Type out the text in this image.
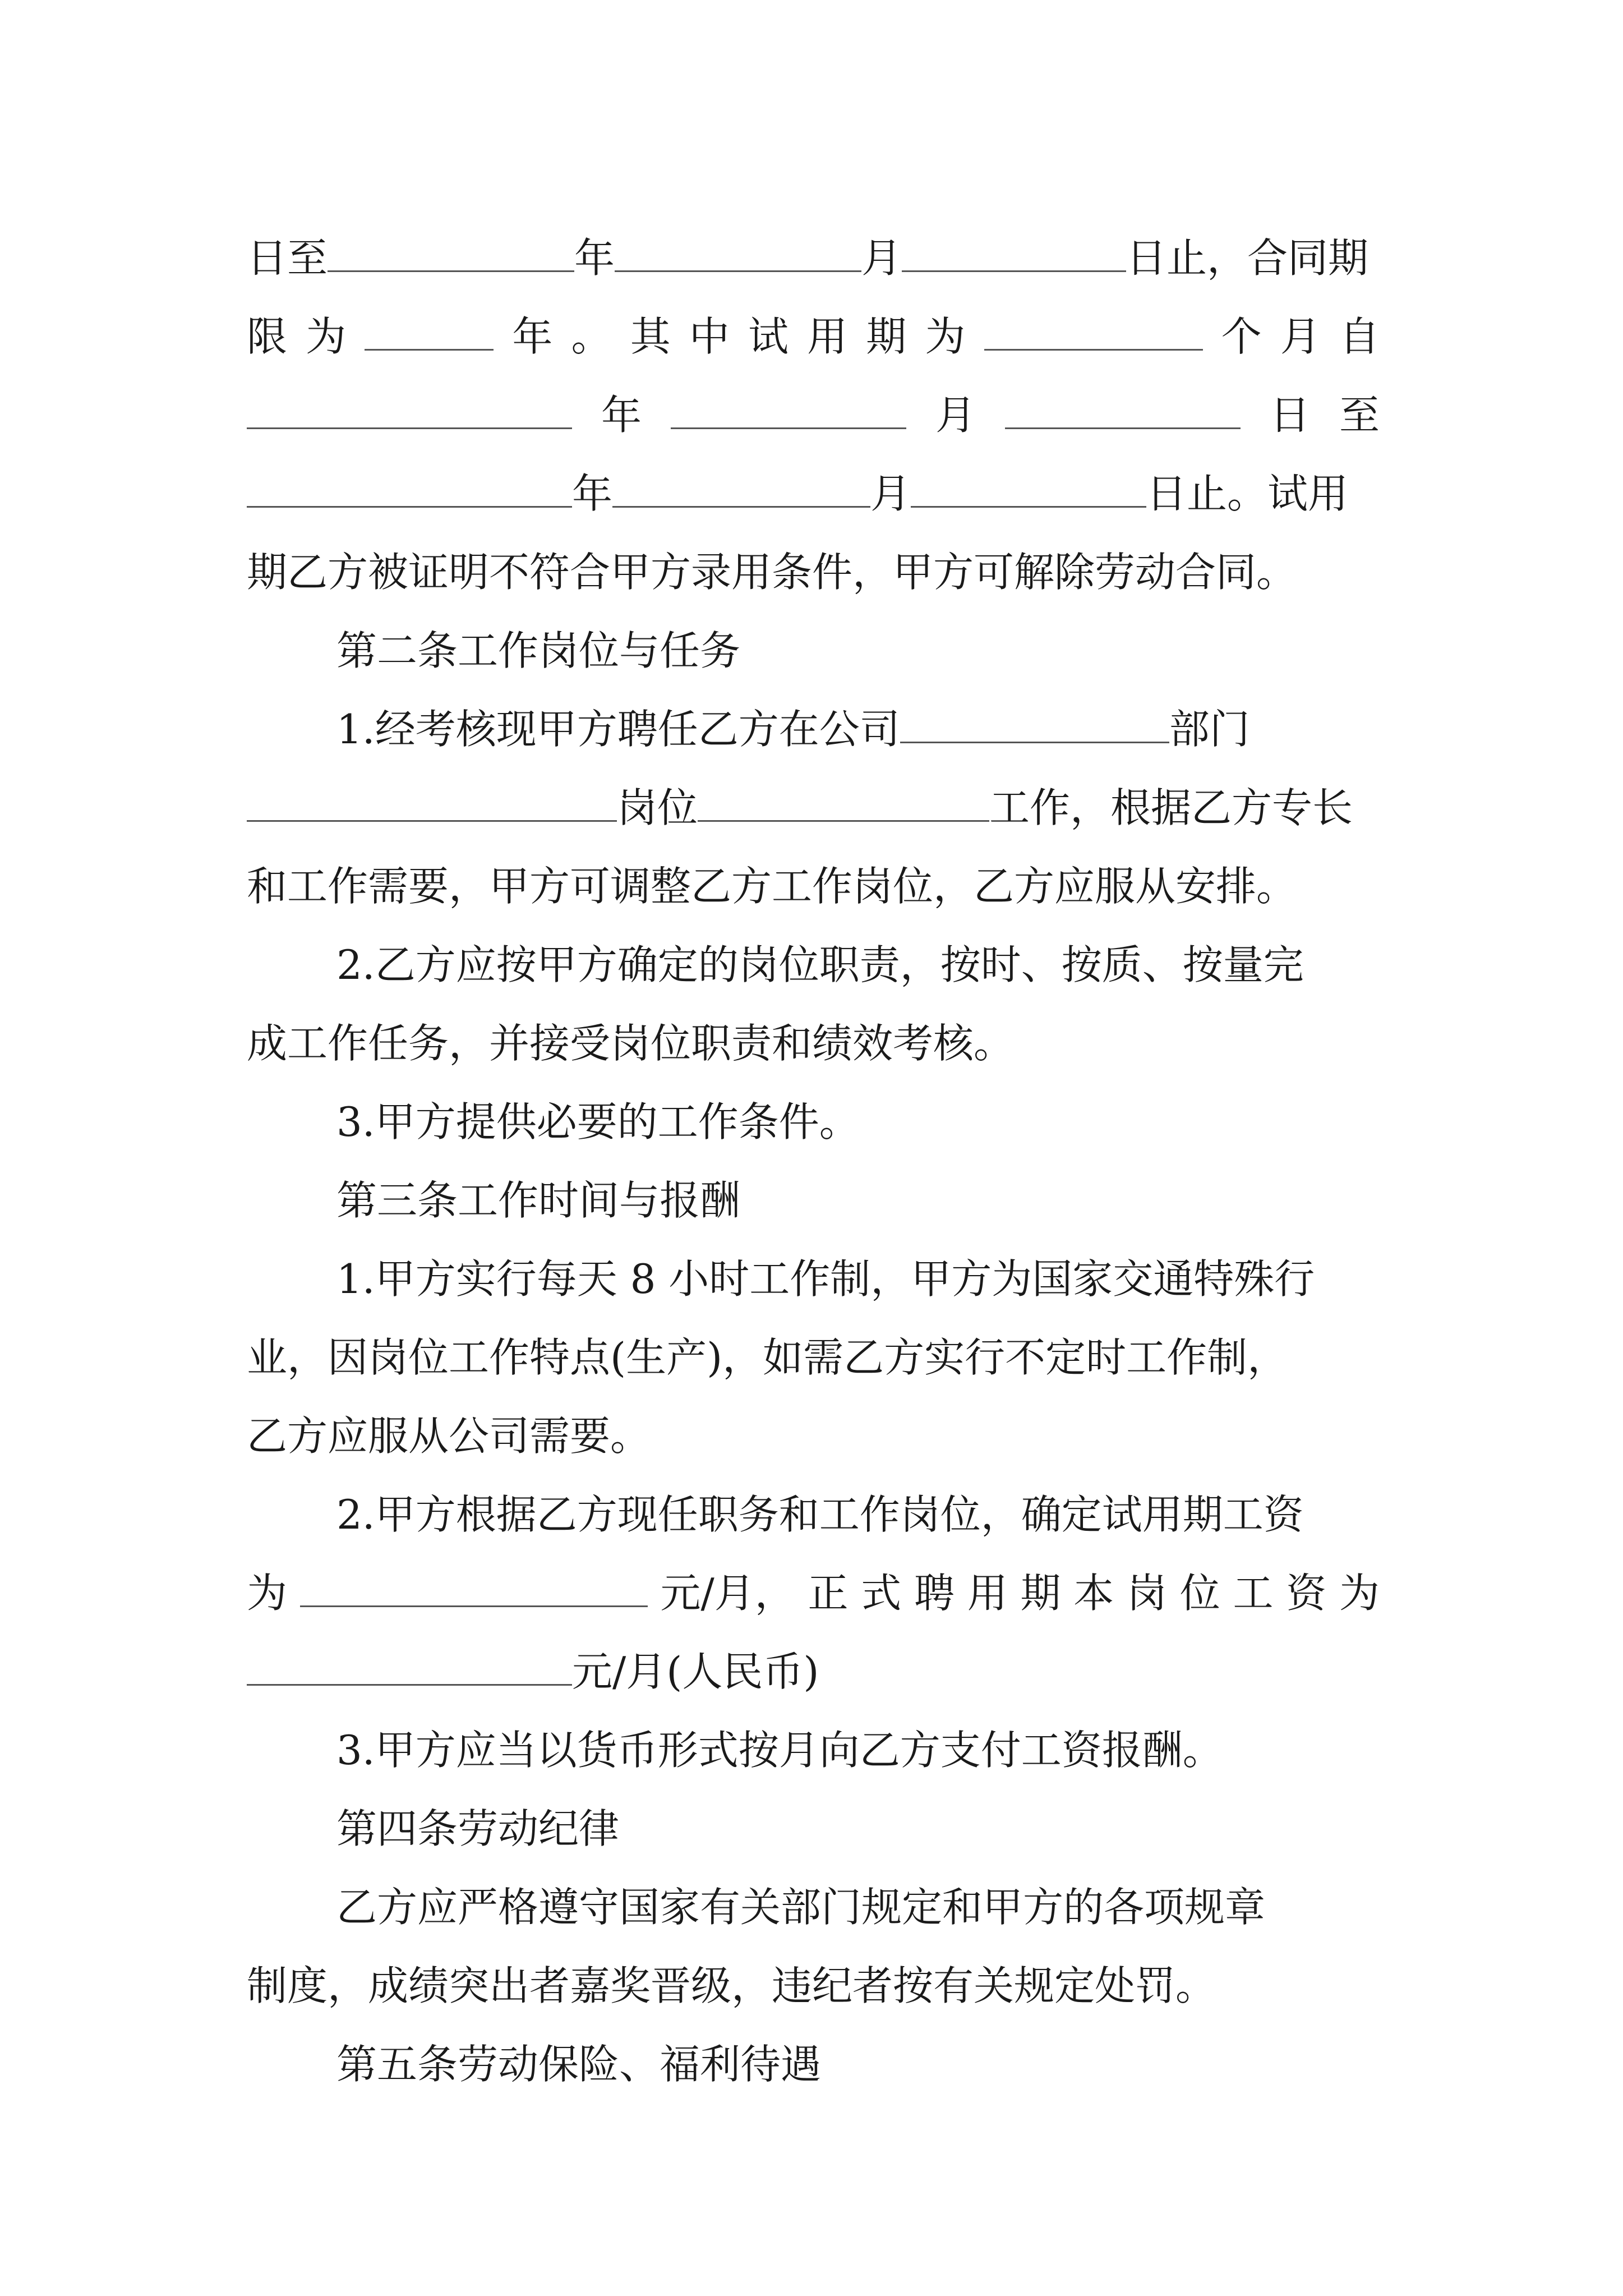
日至	年	月	日止，合同期
限 为	年 。 其 中 试 用 期 为	个 月 自
年	月	日 至
年	月	日止。试用
期乙方被证明不符合甲方录用条件，甲方可解除劳动合同。
第二条工作岗位与任务
1.经考核现甲方聘任乙方在公司	部门
岗位	工作，根据乙方专长
和工作需要，甲方可调整乙方工作岗位，乙方应服从安排。
2.乙方应按甲方确定的岗位职责，按时、按质、按量完
成工作任务，并接受岗位职责和绩效考核。
3.甲方提供必要的工作条件。
第三条工作时间与报酬
1.甲方实行每天 8 小时工作制，甲方为国家交通特殊行
业，因岗位工作特点(生产)，如需乙方实行不定时工作制，
乙方应服从公司需要。
2.甲方根据乙方现任职务和工作岗位，确定试用期工资
为	元/月， 正 式 聘 用 期 本 岗 位 工 资 为
元/月(人民币)
3.甲方应当以货币形式按月向乙方支付工资报酬。
第四条劳动纪律
乙方应严格遵守国家有关部门规定和甲方的各项规章
制度，成绩突出者嘉奖晋级，违纪者按有关规定处罚。
第五条劳动保险、福利待遇
